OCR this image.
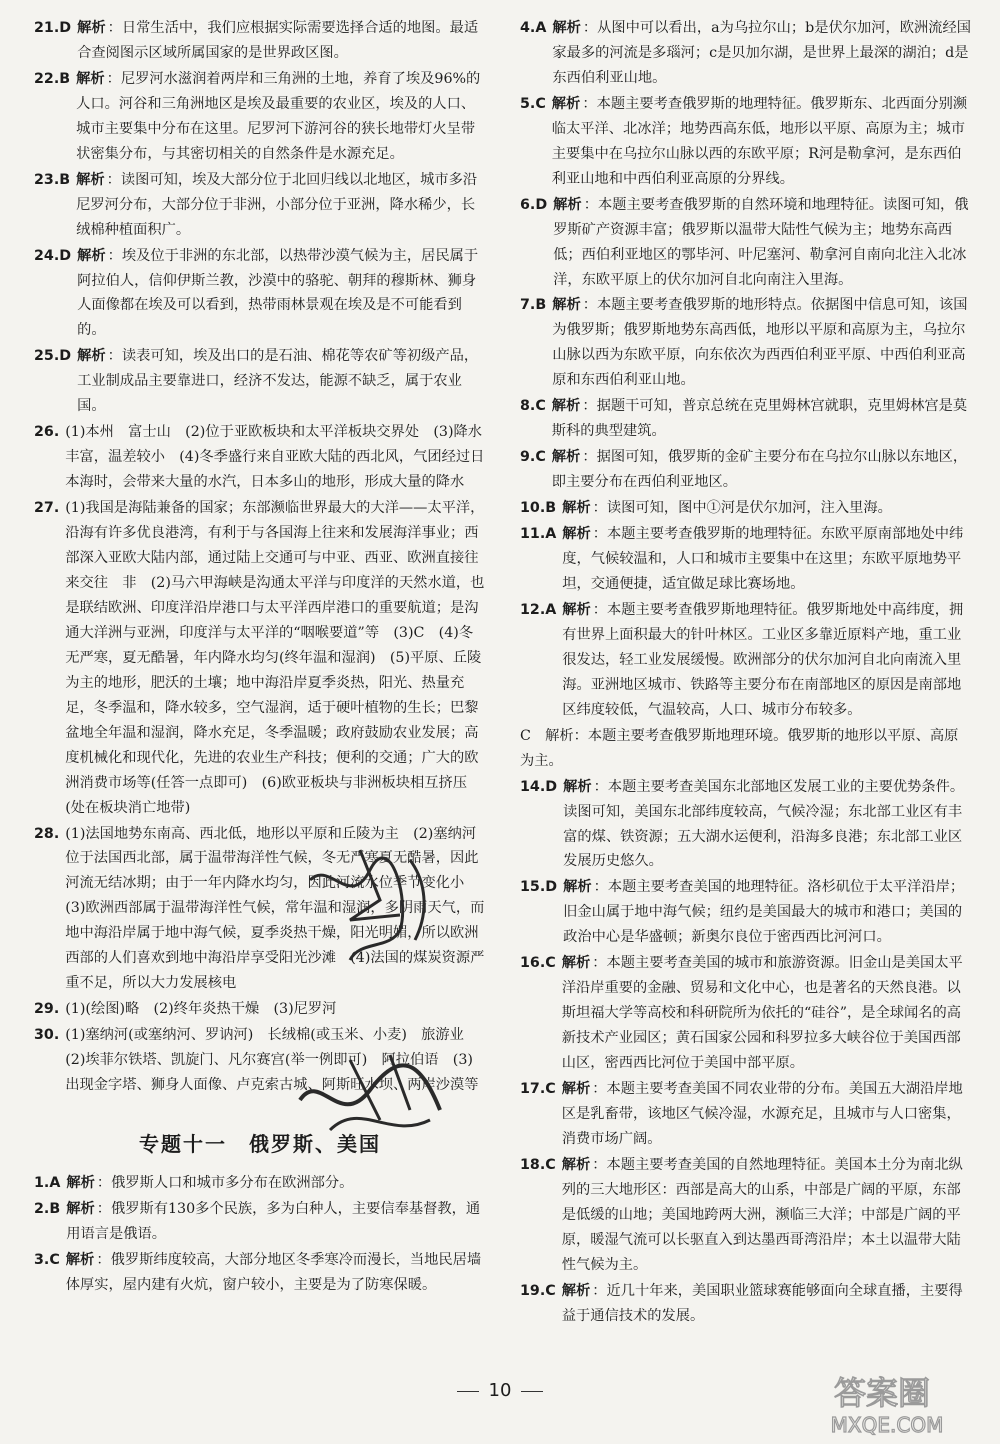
21.D 解析 ：日常生活中，我们应根据实际需要选择合适的地图。最适合查阅图示区域所属国家的是世界政区图。
22.B 解析 ：尼罗河水滋润着两岸和三角洲的土地，养育了埃及96%的人口。河谷和三角洲地区是埃及最重要的农业区，埃及的人口、城市主要集中分布在这里。尼罗河下游河谷的狭长地带灯火呈带状密集分布，与其密切相关的自然条件是水源充足。
23.B 解析 ：读图可知，埃及大部分位于北回归线以北地区，城市多沿尼罗河分布，大部分位于非洲，小部分位于亚洲，降水稀少，长绒棉种植面积广。
24.D 解析 ：埃及位于非洲的东北部，以热带沙漠气候为主，居民属于阿拉伯人，信仰伊斯兰教，沙漠中的骆驼、朝拜的穆斯林、狮身人面像都在埃及可以看到，热带雨林景观在埃及是不可能看到的。
25.D 解析 ：读表可知，埃及出口的是石油、棉花等农矿等初级产品，工业制成品主要靠进口，经济不发达，能源不缺乏，属于农业国。
26. (1)本州　富士山　(2)位于亚欧板块和太平洋板块交界处　(3)降水丰富，温差较小　(4)冬季盛行来自亚欧大陆的西北风，气团经过日本海时，会带来大量的水汽，日本多山的地形，形成大量的降水
27. (1)我国是海陆兼备的国家；东部濒临世界最大的大洋——太平洋，沿海有许多优良港湾，有利于与各国海上往来和发展海洋事业；西部深入亚欧大陆内部，通过陆上交通可与中亚、西亚、欧洲直接往来交往　非　(2)马六甲海峡是沟通太平洋与印度洋的天然水道，也是联结欧洲、印度洋沿岸港口与太平洋西岸港口的重要航道；是沟通大洋洲与亚洲，印度洋与太平洋的“咽喉要道”等　(3)C　(4)冬无严寒，夏无酷暑，年内降水均匀(终年温和湿润)　(5)平原、丘陵为主的地形，肥沃的土壤；地中海沿岸夏季炎热，阳光、热量充足，冬季温和，降水较多，空气湿润，适于硬叶植物的生长；巴黎盆地全年温和湿润，降水充足，冬季温暖；政府鼓励农业发展；高度机械化和现代化，先进的农业生产科技；便利的交通；广大的欧洲消费市场等(任答一点即可)　(6)欧亚板块与非洲板块相互挤压(处在板块消亡地带)
28. (1)法国地势东南高、西北低，地形以平原和丘陵为主　(2)塞纳河位于法国西北部，属于温带海洋性气候，冬无严寒夏无酷暑，因此河流无结冰期；由于一年内降水均匀，因此河流水位季节变化小　(3)欧洲西部属于温带海洋性气候，常年温和湿润，多阴雨天气，而地中海沿岸属于地中海气候，夏季炎热干燥，阳光明媚，所以欧洲西部的人们喜欢到地中海沿岸享受阳光沙滩　(4)法国的煤炭资源严重不足，所以大力发展核电
29. (1)(绘图)略　(2)终年炎热干燥　(3)尼罗河
30. (1)塞纳河(或塞纳河、罗讷河)　长绒棉(或玉米、小麦)　旅游业　(2)埃菲尔铁塔、凯旋门、凡尔赛宫(举一例即可)　阿拉伯语　(3)出现金字塔、狮身人面像、卢克索古城、阿斯旺水坝、两岸沙漠等
专题十一　俄罗斯、美国
1.A 解析 ：俄罗斯人口和城市多分布在欧洲部分。
2.B 解析 ：俄罗斯有130多个民族，多为白种人，主要信奉基督教，通用语言是俄语。
3.C 解析 ：俄罗斯纬度较高，大部分地区冬季寒冷而漫长，当地民居墙体厚实，屋内建有火炕，窗户较小，主要是为了防寒保暖。
4.A 解析 ：从图中可以看出，a为乌拉尔山；b是伏尔加河，欧洲流经国家最多的河流是多瑙河；c是贝加尔湖，是世界上最深的湖泊；d是东西伯利亚山地。
5.C 解析 ：本题主要考查俄罗斯的地理特征。俄罗斯东、北西面分别濒临太平洋、北冰洋；地势西高东低，地形以平原、高原为主；城市主要集中在乌拉尔山脉以西的东欧平原；R河是勒拿河，是东西伯利亚山地和中西伯利亚高原的分界线。
6.D 解析 ：本题主要考查俄罗斯的自然环境和地理特征。读图可知，俄罗斯矿产资源丰富；俄罗斯以温带大陆性气候为主；地势东高西低；西伯利亚地区的鄂毕河、叶尼塞河、勒拿河自南向北注入北冰洋，东欧平原上的伏尔加河自北向南注入里海。
7.B 解析 ：本题主要考查俄罗斯的地形特点。依据图中信息可知，该国为俄罗斯；俄罗斯地势东高西低，地形以平原和高原为主，乌拉尔山脉以西为东欧平原，向东依次为西西伯利亚平原、中西伯利亚高原和东西伯利亚山地。
8.C 解析 ：据题干可知，普京总统在克里姆林宫就职，克里姆林宫是莫斯科的典型建筑。
9.C 解析 ：据图可知，俄罗斯的金矿主要分布在乌拉尔山脉以东地区，即主要分布在西伯利亚地区。
10.B 解析 ：读图可知，图中①河是伏尔加河，注入里海。
11.A 解析 ：本题主要考查俄罗斯的地理特征。东欧平原南部地处中纬度，气候较温和，人口和城市主要集中在这里；东欧平原地势平坦，交通便捷，适宜做足球比赛场地。
12.A 解析 ：本题主要考查俄罗斯地理特征。俄罗斯地处中高纬度，拥有世界上面积最大的针叶林区。工业区多靠近原料产地，重工业很发达，轻工业发展缓慢。欧洲部分的伏尔加河自北向南流入里海。亚洲地区城市、铁路等主要分布在南部地区的原因是南部地区纬度较低，气温较高，人口、城市分布较多。
C　解析：本题主要考查俄罗斯地理环境。俄罗斯的地形以平原、高原为主。
14.D 解析 ：本题主要考查美国东北部地区发展工业的主要优势条件。读图可知，美国东北部纬度较高，气候冷湿；东北部工业区有丰富的煤、铁资源；五大湖水运便利，沿海多良港；东北部工业区发展历史悠久。
15.D 解析 ：本题主要考查美国的地理特征。洛杉矶位于太平洋沿岸；旧金山属于地中海气候；纽约是美国最大的城市和港口；美国的政治中心是华盛顿；新奥尔良位于密西西比河河口。
16.C 解析 ：本题主要考查美国的城市和旅游资源。旧金山是美国太平洋沿岸重要的金融、贸易和文化中心，也是著名的天然良港。以斯坦福大学等高校和科研院所为依托的“硅谷”，是全球闻名的高新技术产业园区；黄石国家公园和科罗拉多大峡谷位于美国西部山区，密西西比河位于美国中部平原。
17.C 解析 ：本题主要考查美国不同农业带的分布。美国五大湖沿岸地区是乳畜带，该地区气候冷湿，水源充足，且城市与人口密集，消费市场广阔。
18.C 解析 ：本题主要考查美国的自然地理特征。美国本土分为南北纵列的三大地形区：西部是高大的山系，中部是广阔的平原，东部是低缓的山地；美国地跨两大洲，濒临三大洋；中部是广阔的平原，暖湿气流可以长驱直入到达墨西哥湾沿岸；本土以温带大陆性气候为主。
19.C 解析 ：近几十年来，美国职业篮球赛能够面向全球直播，主要得益于通信技术的发展。
10	答案圈
MXQE.COM
